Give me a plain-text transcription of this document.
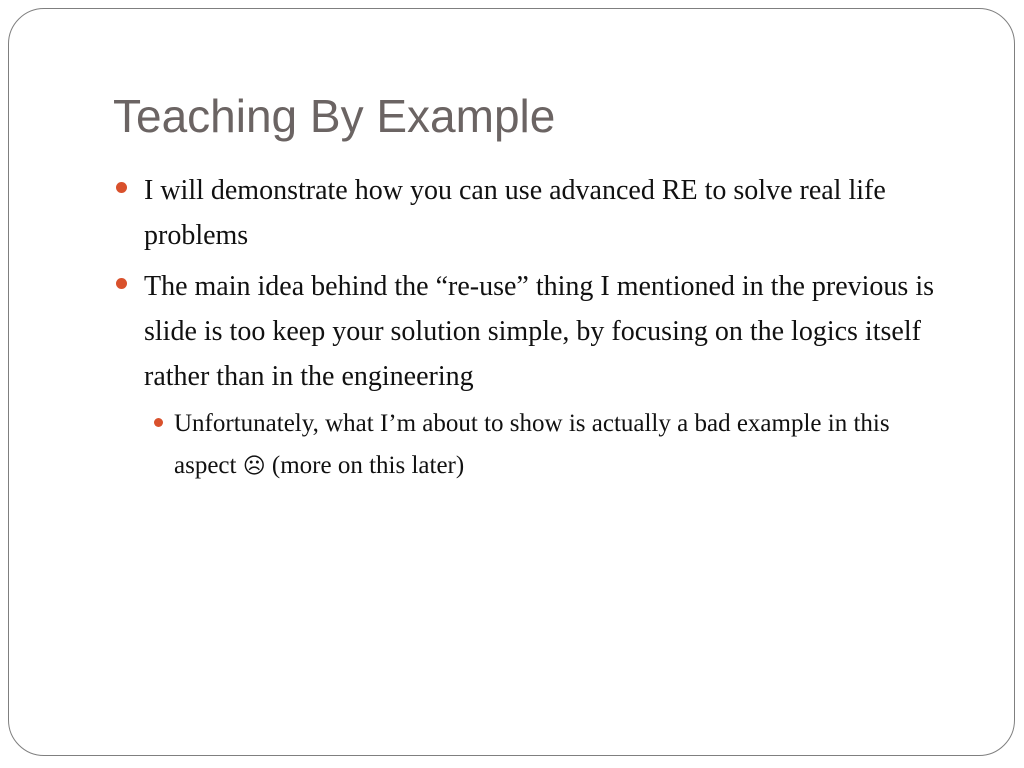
Teaching By Example
I will demonstrate how you can use advanced RE to solve real life problems
The main idea behind the “re-use” thing I mentioned in the previous is slide is too keep your solution simple, by focusing on the logics itself rather than in the engineering
Unfortunately, what I’m about to show is actually a bad example in this aspect ☹ (more on this later)
